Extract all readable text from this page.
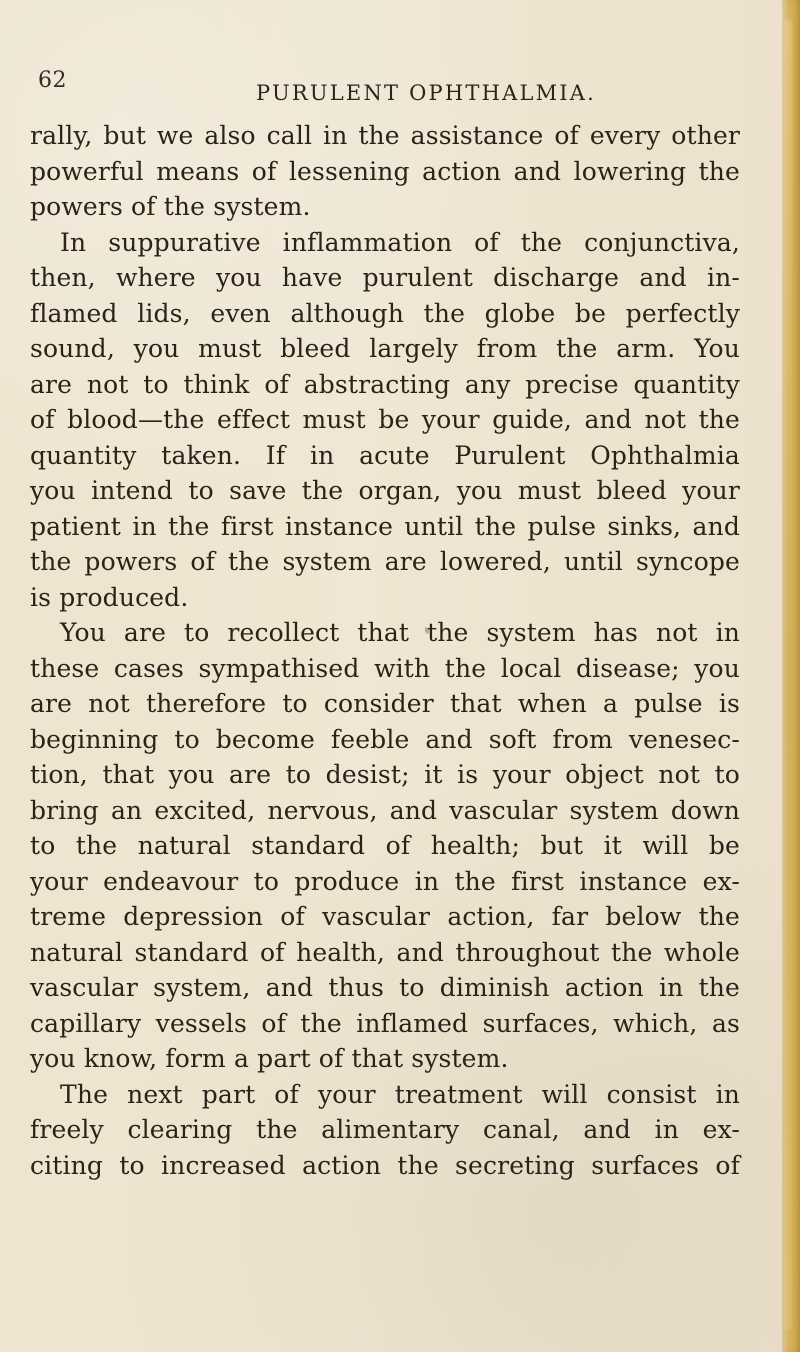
62	PURULENT OPHTHALMIA.
rally, but we also call in the assistance of every other
powerful means of lessening action and lowering the
powers of the system.
In suppurative inflammation of the conjunctiva,
then, where you have purulent discharge and in-
flamed lids, even although the globe be perfectly
sound, you must bleed largely from the arm. You
are not to think of abstracting any precise quantity
of blood—the effect must be your guide, and not the
quantity taken. If in acute Purulent Ophthalmia
you intend to save the organ, you must bleed your
patient in the first instance until the pulse sinks, and
the powers of the system are lowered, until syncope
is produced.
You are to recollect that the system has not in
these cases sympathised with the local disease; you
are not therefore to consider that when a pulse is
beginning to become feeble and soft from venesec-
tion, that you are to desist; it is your object not to
bring an excited, nervous, and vascular system down
to the natural standard of health; but it will be
your endeavour to produce in the first instance ex-
treme depression of vascular action, far below the
natural standard of health, and throughout the whole
vascular system, and thus to diminish action in the
capillary vessels of the inflamed surfaces, which, as
you know, form a part of that system.
The next part of your treatment will consist in
freely clearing the alimentary canal, and in ex-
citing to increased action the secreting surfaces of
